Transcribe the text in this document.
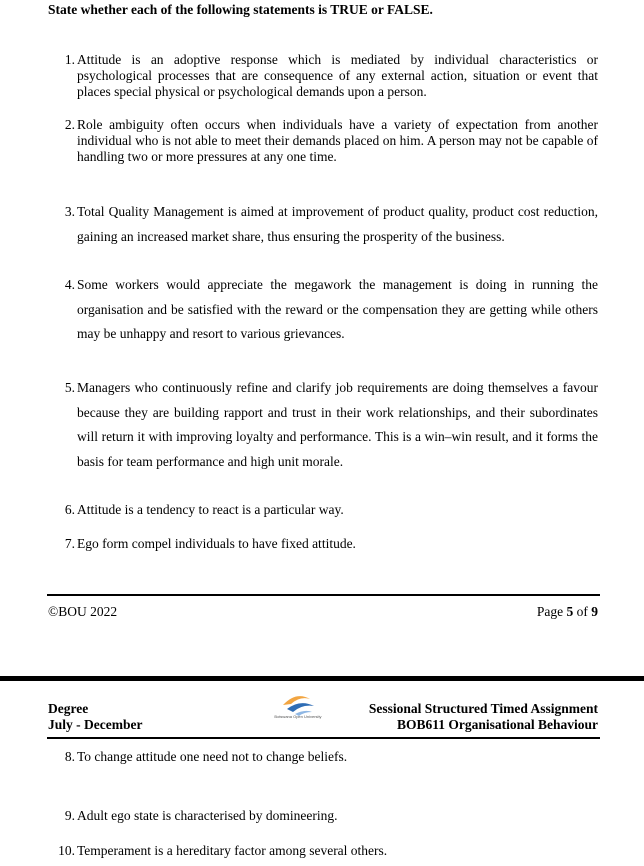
State whether each of the following statements is TRUE or FALSE.
1. Attitude is an adoptive response which is mediated by individual characteristics or psychological processes that are consequence of any external action, situation or event that places special physical or psychological demands upon a person.
2. Role ambiguity often occurs when individuals have a variety of expectation from another individual who is not able to meet their demands placed on him. A person may not be capable of handling two or more pressures at any one time.
3. Total Quality Management is aimed at improvement of product quality, product cost reduction, gaining an increased market share, thus ensuring the prosperity of the business.
4. Some workers would appreciate the megawork the management is doing in running the organisation and be satisfied with the reward or the compensation they are getting while others may be unhappy and resort to various grievances.
5. Managers who continuously refine and clarify job requirements are doing themselves a favour because they are building rapport and trust in their work relationships, and their subordinates will return it with improving loyalty and performance. This is a win–win result, and it forms the basis for team performance and high unit morale.
6. Attitude is a tendency to react is a particular way.
7. Ego form compel individuals to have fixed attitude.
©BOU 2022	Page 5 of 9
Degree
July - December
Botswana Open University
Sessional Structured Timed Assignment
BOB611 Organisational Behaviour
8. To change attitude one need not to change beliefs.
9. Adult ego state is characterised by domineering.
10. Temperament is a hereditary factor among several others.
